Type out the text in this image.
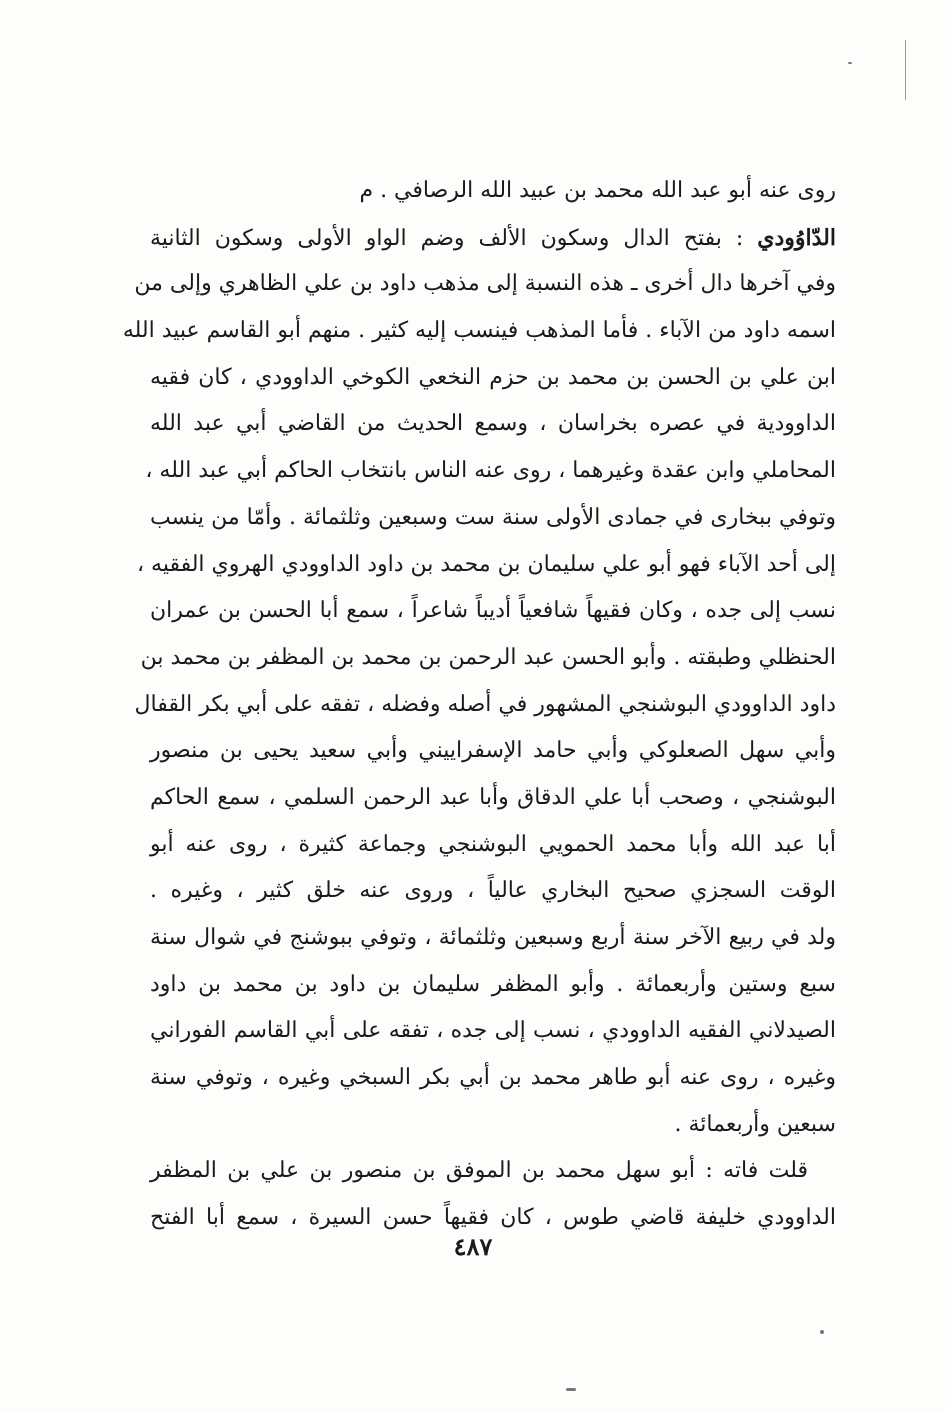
روى عنه أبو عبد الله محمد بن عبيد الله الرصافي . م
الدّاوُودي : بفتح الدال وسكون الألف وضم الواو الأولى وسكون الثانية
وفي آخرها دال أخرى ـ هذه النسبة إلى مذهب داود بن علي الظاهري وإلى من
اسمه داود من الآباء . فأما المذهب فينسب إليه كثير . منهم أبو القاسم عبيد الله
ابن علي بن الحسن بن محمد بن حزم النخعي الكوخي الداوودي ، كان فقيه
الداوودية في عصره بخراسان ، وسمع الحديث من القاضي أبي عبد الله
المحاملي وابن عقدة وغيرهما ، روى عنه الناس بانتخاب الحاكم أبي عبد الله ،
وتوفي ببخارى في جمادى الأولى سنة ست وسبعين وثلثمائة . وأمّا من ينسب
إلى أحد الآباء فهو أبو علي سليمان بن محمد بن داود الداوودي الهروي الفقيه ،
نسب إلى جده ، وكان فقيهاً شافعياً أديباً شاعراً ، سمع أبا الحسن بن عمران
الحنظلي وطبقته . وأبو الحسن عبد الرحمن بن محمد بن المظفر بن محمد بن
داود الداوودي البوشنجي المشهور في أصله وفضله ، تفقه على أبي بكر القفال
وأبي سهل الصعلوكي وأبي حامد الإسفراييني وأبي سعيد يحيى بن منصور
البوشنجي ، وصحب أبا علي الدقاق وأبا عبد الرحمن السلمي ، سمع الحاكم
أبا عبد الله وأبا محمد الحمويي البوشنجي وجماعة كثيرة ، روى عنه أبو
الوقت السجزي صحيح البخاري عالياً ، وروى عنه خلق كثير ، وغيره .
ولد في ربيع الآخر سنة أربع وسبعين وثلثمائة ، وتوفي ببوشنج في شوال سنة
سبع وستين وأربعمائة . وأبو المظفر سليمان بن داود بن محمد بن داود
الصيدلاني الفقيه الداوودي ، نسب إلى جده ، تفقه على أبي القاسم الفوراني
وغيره ، روى عنه أبو طاهر محمد بن أبي بكر السبخي وغيره ، وتوفي سنة
سبعين وأربعمائة .
قلت فاته : أبو سهل محمد بن الموفق بن منصور بن علي بن المظفر
الداوودي خليفة قاضي طوس ، كان فقيهاً حسن السيرة ، سمع أبا الفتح
٤٨٧
